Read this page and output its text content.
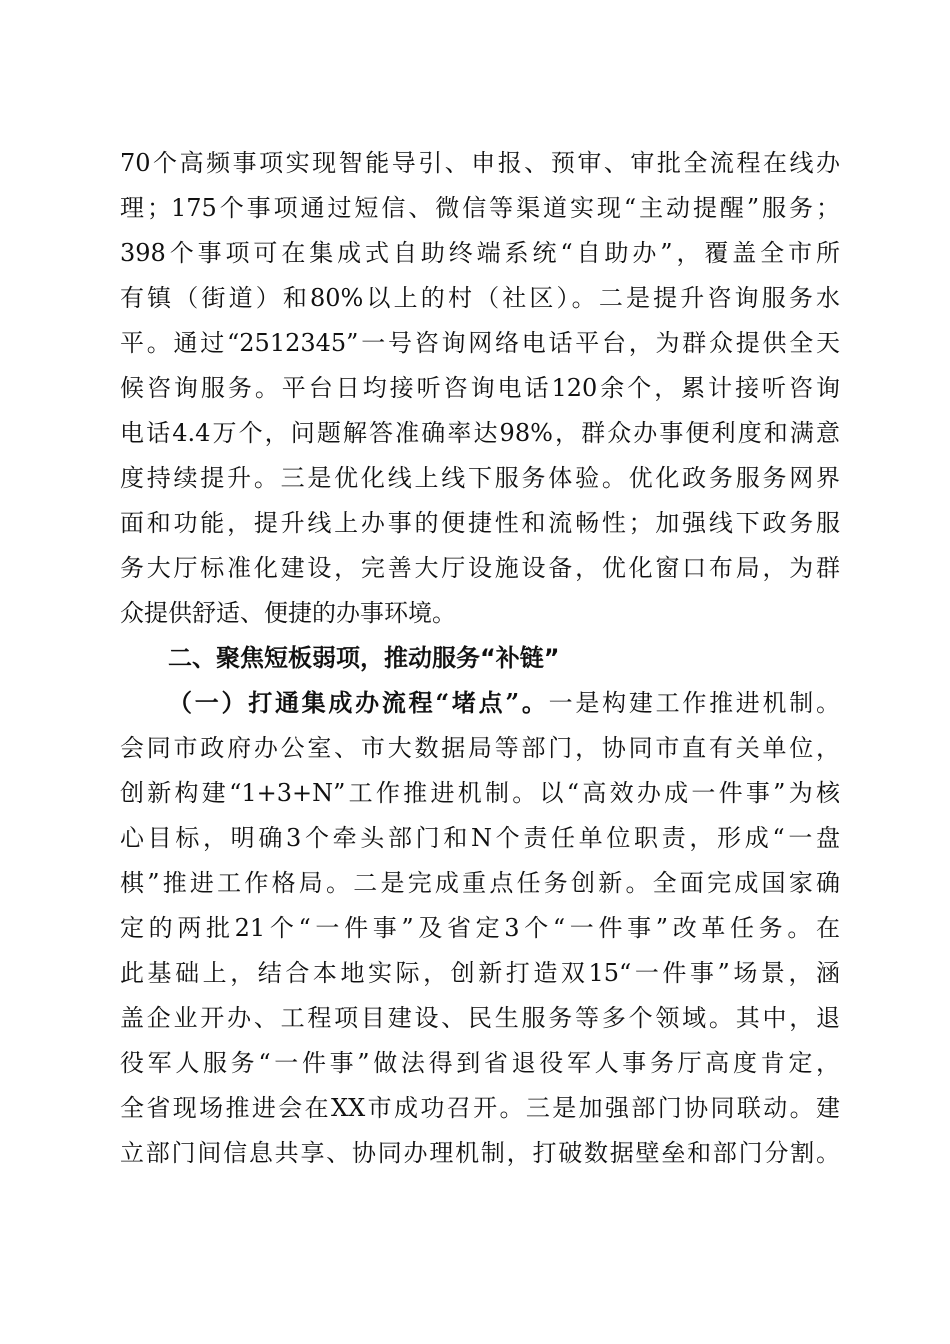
70个高频事项实现智能导引、申报、预审、审批全流程在线办
理；175个事项通过短信、微信等渠道实现“主动提醒”服务；
398个事项可在集成式自助终端系统“自助办”，覆盖全市所
有镇（街道）和80%以上的村（社区）。二是提升咨询服务水
平。通过“2512345”一号咨询网络电话平台，为群众提供全天
候咨询服务。平台日均接听咨询电话120余个，累计接听咨询
电话4.4万个，问题解答准确率达98%，群众办事便利度和满意
度持续提升。三是优化线上线下服务体验。优化政务服务网界
面和功能，提升线上办事的便捷性和流畅性；加强线下政务服
务大厅标准化建设，完善大厅设施设备，优化窗口布局，为群
众提供舒适、便捷的办事环境。
二、聚焦短板弱项，推动服务“补链”
（一）打通集成办流程“堵点”。一是构建工作推进机制。
会同市政府办公室、市大数据局等部门，协同市直有关单位，
创新构建“1+3+N”工作推进机制。以“高效办成一件事”为核
心目标，明确3个牵头部门和N个责任单位职责，形成“一盘
棋”推进工作格局。二是完成重点任务创新。全面完成国家确
定的两批21个“一件事”及省定3个“一件事”改革任务。在
此基础上，结合本地实际，创新打造双15“一件事”场景，涵
盖企业开办、工程项目建设、民生服务等多个领域。其中，退
役军人服务“一件事”做法得到省退役军人事务厅高度肯定，
全省现场推进会在XX市成功召开。三是加强部门协同联动。建
立部门间信息共享、协同办理机制，打破数据壁垒和部门分割。
